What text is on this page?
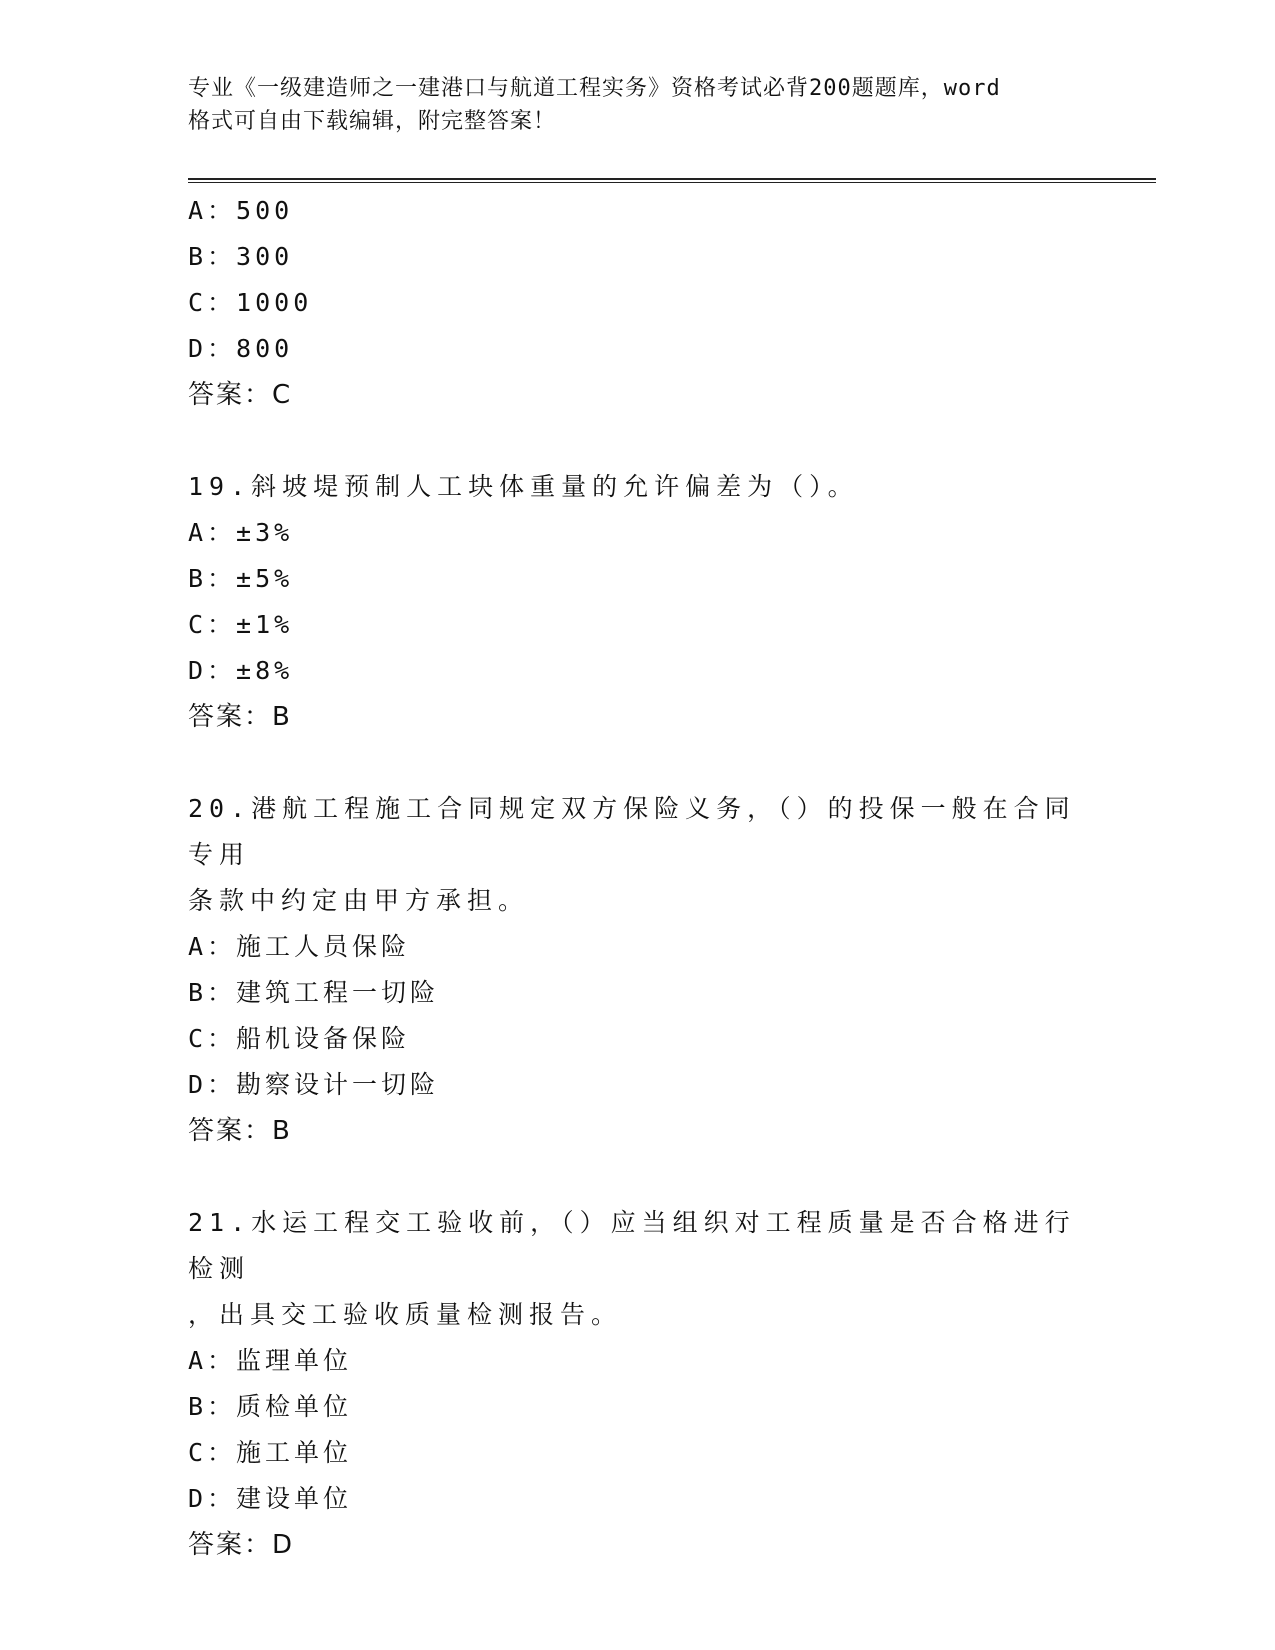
专业《一级建造师之一建港口与航道工程实务》资格考试必背200题题库，word
格式可自由下载编辑，附完整答案！
A：500
B：300
C：1000
D：800
答案：C
19.斜坡堤预制人工块体重量的允许偏差为（）。
A：±3%
B：±5%
C：±1%
D：±8%
答案：B
20.港航工程施工合同规定双方保险义务，（）的投保一般在合同专用
条款中约定由甲方承担。
A：施工人员保险
B：建筑工程一切险
C：船机设备保险
D：勘察设计一切险
答案：B
21.水运工程交工验收前，（）应当组织对工程质量是否合格进行检测
，出具交工验收质量检测报告。
A：监理单位
B：质检单位
C：施工单位
D：建设单位
答案：D
